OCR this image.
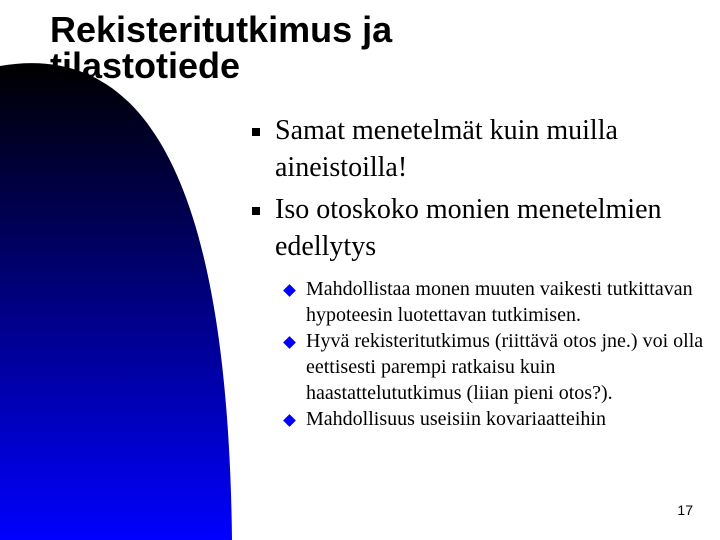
Rekisteritutkimus ja
tilastotiede
Samat menetelmät kuin muilla aineistoilla!
Iso otoskoko monien menetelmien edellytys
Mahdollistaa monen muuten vaikesti tutkittavan hypoteesin luotettavan tutkimisen.
Hyvä rekisteritutkimus (riittävä otos jne.) voi olla eettisesti parempi ratkaisu kuin haastattelututkimus (liian pieni otos?).
Mahdollisuus useisiin kovariaatteihin
17
